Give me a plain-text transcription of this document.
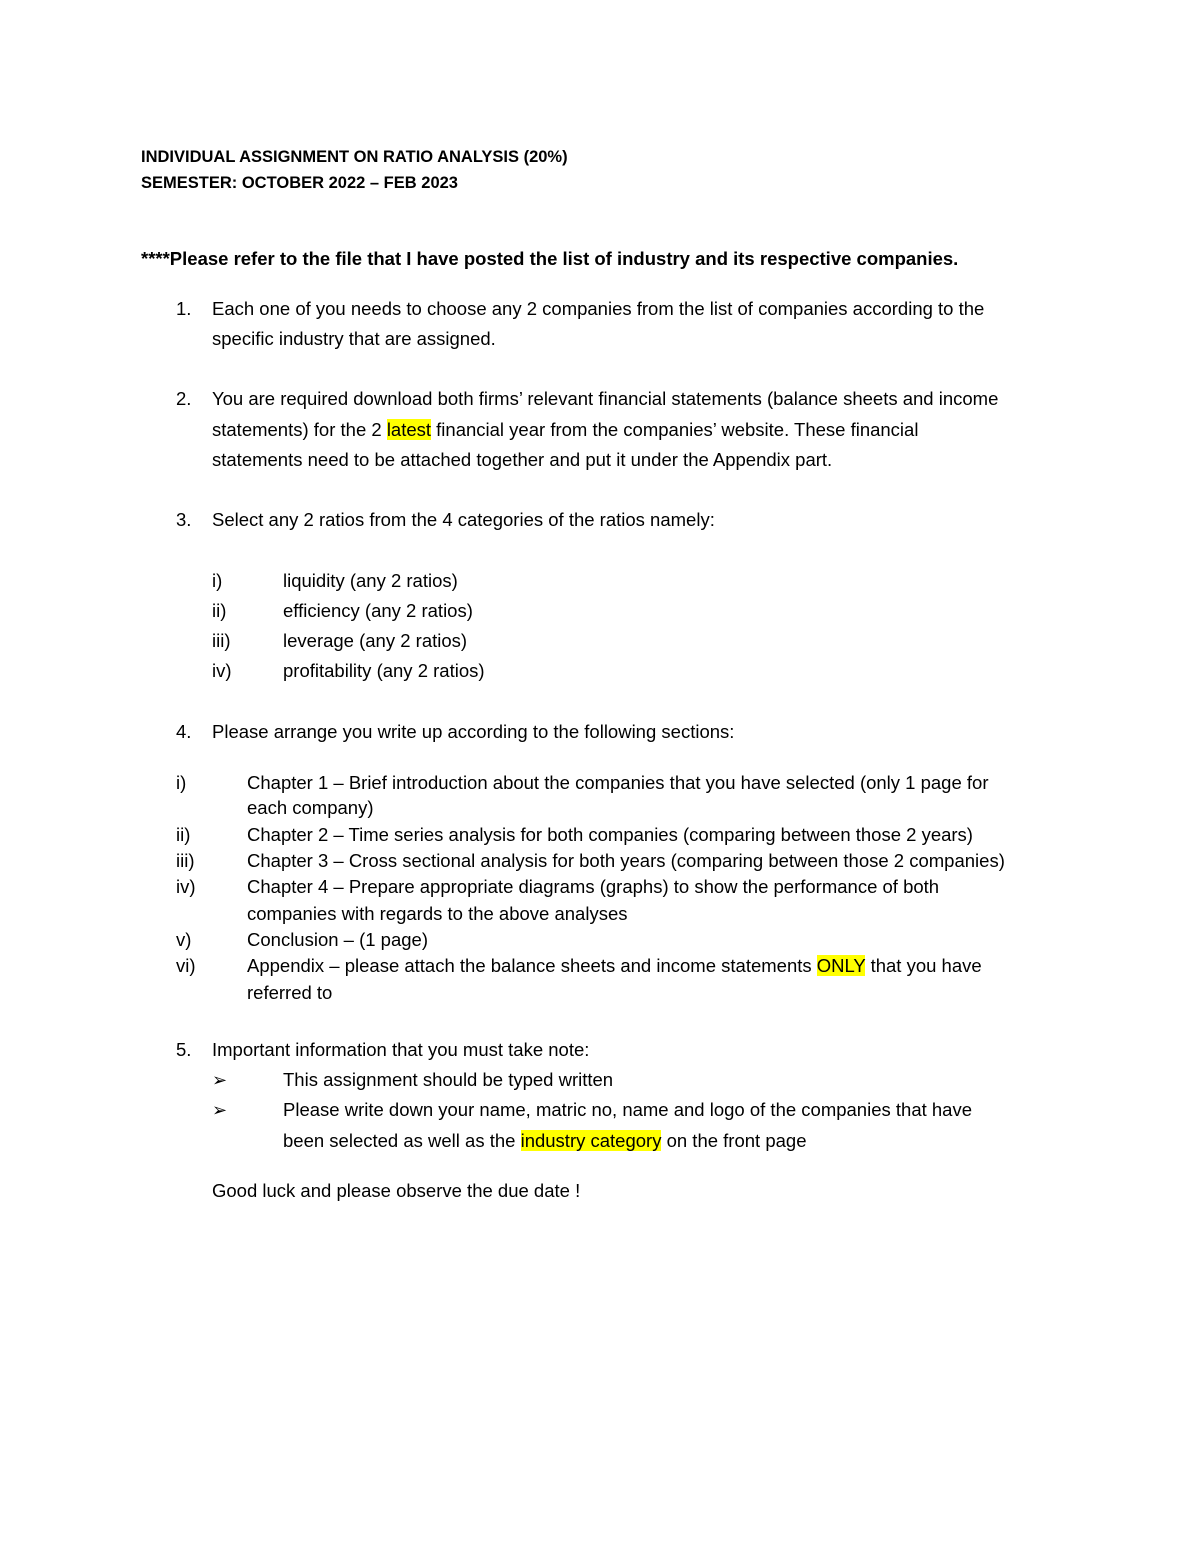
INDIVIDUAL ASSIGNMENT ON RATIO ANALYSIS (20%)
SEMESTER: OCTOBER 2022 – FEB 2023
****Please refer to the file that I have posted the list of industry and its respective companies.
1. Each one of you needs to choose any 2 companies from the list of companies according to the
specific industry that are assigned.
2. You are required download both firms’ relevant financial statements (balance sheets and income
statements) for the 2 latest financial year from the companies’ website. These financial
statements need to be attached together and put it under the Appendix part.
3. Select any 2 ratios from the 4 categories of the ratios namely:
i)	liquidity (any 2 ratios)
ii)	efficiency (any 2 ratios)
iii)	leverage (any 2 ratios)
iv)	profitability (any 2 ratios)
4. Please arrange you write up according to the following sections:
i)	Chapter 1 – Brief introduction about the companies that you have selected (only 1 page for
each company)
ii)	Chapter 2 – Time series analysis for both companies (comparing between those 2 years)
iii)	Chapter 3 – Cross sectional analysis for both years (comparing between those 2 companies)
iv)	Chapter 4 – Prepare appropriate diagrams (graphs) to show the performance of both
companies with regards to the above analyses
v)	Conclusion – (1 page)
vi)	Appendix – please attach the balance sheets and income statements ONLY that you have
referred to
5. Important information that you must take note:
➢	This assignment should be typed written
➢	Please write down your name, matric no, name and logo of the companies that have
been selected as well as the industry category on the front page
Good luck and please observe the due date !
